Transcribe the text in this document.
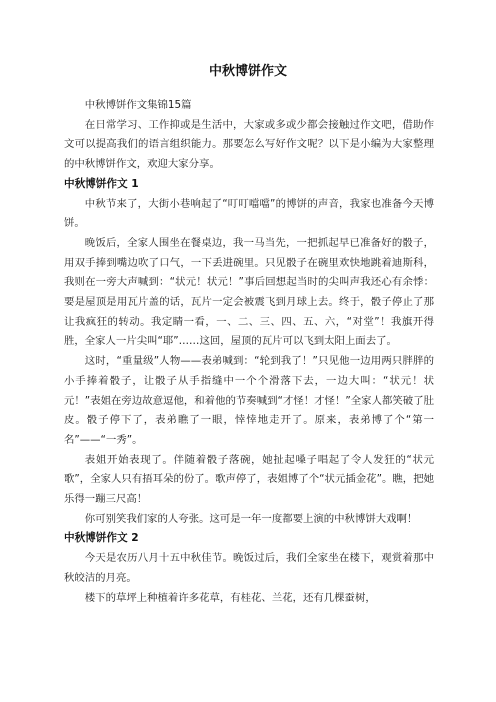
中秋博饼作文

中秋博饼作文集锦15篇

在日常学习、工作抑或是生活中，大家或多或少都会接触过作文吧，借助作文可以提高我们的语言组织能力。那要怎么写好作文呢？以下是小编为大家整理的中秋博饼作文，欢迎大家分享。

中秋博饼作文 1

中秋节来了，大街小巷响起了“叮叮噹噹”的博饼的声音，我家也准备今天博饼。

晚饭后，全家人围坐在餐桌边，我一马当先，一把抓起早已准备好的骰子，用双手捧到嘴边吹了口气，一下丢进碗里。只见骰子在碗里欢快地跳着迪斯科，我则在一旁大声喊到：“状元！状元！”事后回想起当时的尖叫声我还心有余悸：要是屋顶是用瓦片盖的话，瓦片一定会被震飞到月球上去。终于，骰子停止了那让我疯狂的转动。我定睛一看，一、二、三、四、五、六，“对堂”！我旗开得胜，全家人一片尖叫“耶”……这回，屋顶的瓦片可以飞到太阳上面去了。

这时，“重量级”人物——表弟喊到：“轮到我了！”只见他一边用两只胖胖的小手捧着骰子，让骰子从手指缝中一个个滑落下去，一边大叫：“状元！状元！”表姐在旁边故意逗他，和着他的节奏喊到“才怪！才怪！”全家人都笑破了肚皮。骰子停下了，表弟瞧了一眼，悻悻地走开了。原来，表弟博了个“第一名”——“一秀”。

表姐开始表现了。伴随着骰子落碗，她扯起嗓子唱起了令人发狂的“状元歌”，全家人只有捂耳朵的份了。歌声停了，表姐博了个“状元插金花”。瞧，把她乐得一蹦三尺高！

你可别笑我们家的人夸张。这可是一年一度都要上演的中秋博饼大戏啊！

中秋博饼作文 2

今天是农历八月十五中秋佳节。晚饭过后，我们全家坐在楼下，观赏着那中秋皎洁的月亮。

楼下的草坪上种植着许多花草，有桂花、兰花，还有几棵蚕树，
